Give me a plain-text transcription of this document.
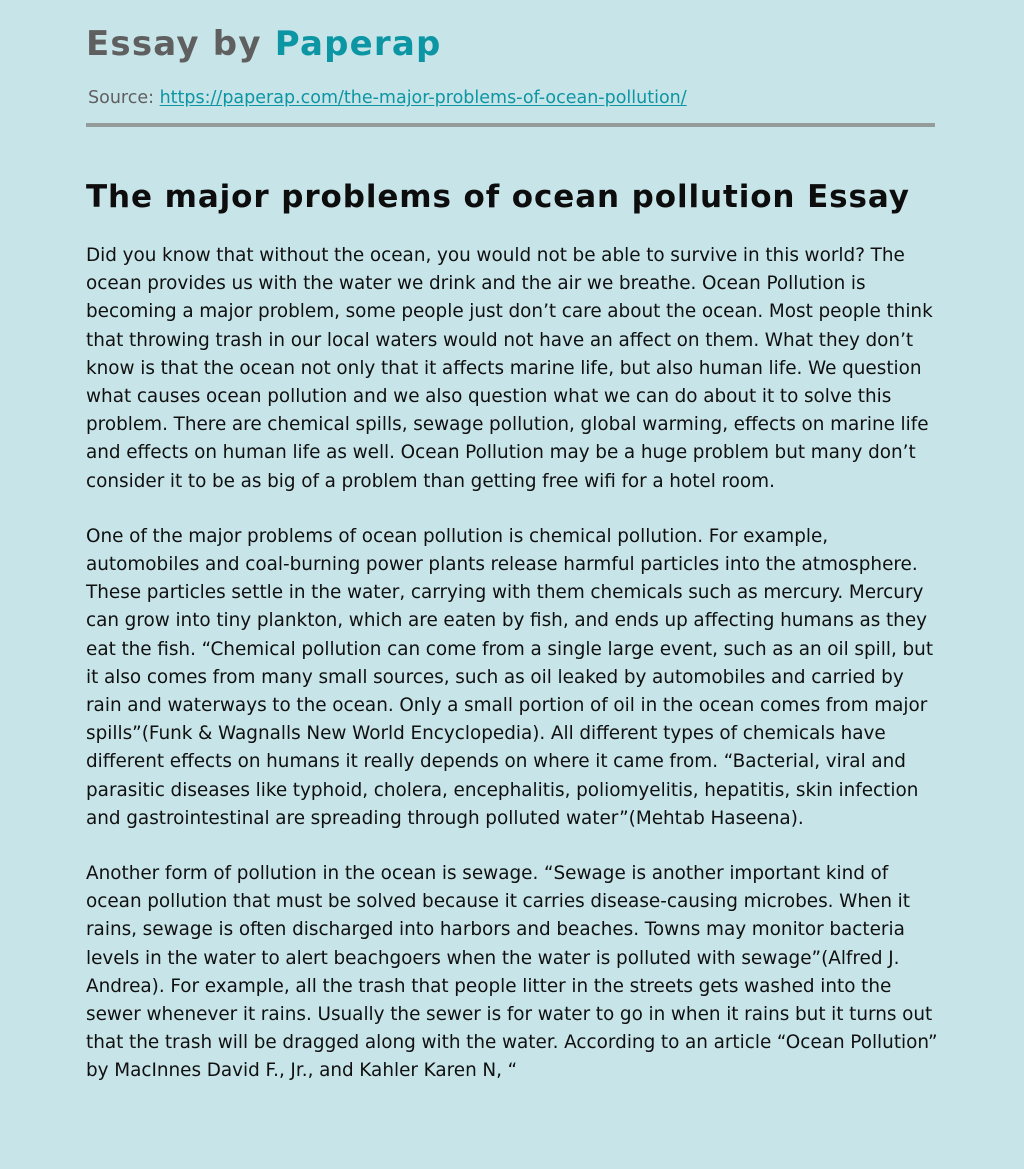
Essay by Paperap
Source: https://paperap.com/the-major-problems-of-ocean-pollution/
The major problems of ocean pollution Essay

Did you know that without the ocean, you would not be able to survive in this world? The ocean provides us with the water we drink and the air we breathe. Ocean Pollution is becoming a major problem, some people just don’t care about the ocean. Most people think that throwing trash in our local waters would not have an affect on them. What they don’t know is that the ocean not only that it affects marine life, but also human life. We question what causes ocean pollution and we also question what we can do about it to solve this problem. There are chemical spills, sewage pollution, global warming, effects on marine life and effects on human life as well. Ocean Pollution may be a huge problem but many don’t consider it to be as big of a problem than getting free wifi for a hotel room.

One of the major problems of ocean pollution is chemical pollution. For example, automobiles and coal-burning power plants release harmful particles into the atmosphere. These particles settle in the water, carrying with them chemicals such as mercury. Mercury can grow into tiny plankton, which are eaten by fish, and ends up affecting humans as they eat the fish. “Chemical pollution can come from a single large event, such as an oil spill, but it also comes from many small sources, such as oil leaked by automobiles and carried by rain and waterways to the ocean. Only a small portion of oil in the ocean comes from major spills”(Funk & Wagnalls New World Encyclopedia). All different types of chemicals have different effects on humans it really depends on where it came from. “Bacterial, viral and parasitic diseases like typhoid, cholera, encephalitis, poliomyelitis, hepatitis, skin infection and gastrointestinal are spreading through polluted water”(Mehtab Haseena).

Another form of pollution in the ocean is sewage. “Sewage is another important kind of ocean pollution that must be solved because it carries disease-causing microbes. When it rains, sewage is often discharged into harbors and beaches. Towns may monitor bacteria levels in the water to alert beachgoers when the water is polluted with sewage”(Alfred J. Andrea). For example, all the trash that people litter in the streets gets washed into the sewer whenever it rains. Usually the sewer is for water to go in when it rains but it turns out that the trash will be dragged along with the water. According to an article “Ocean Pollution” by MacInnes David F., Jr., and Kahler Karen N, “
